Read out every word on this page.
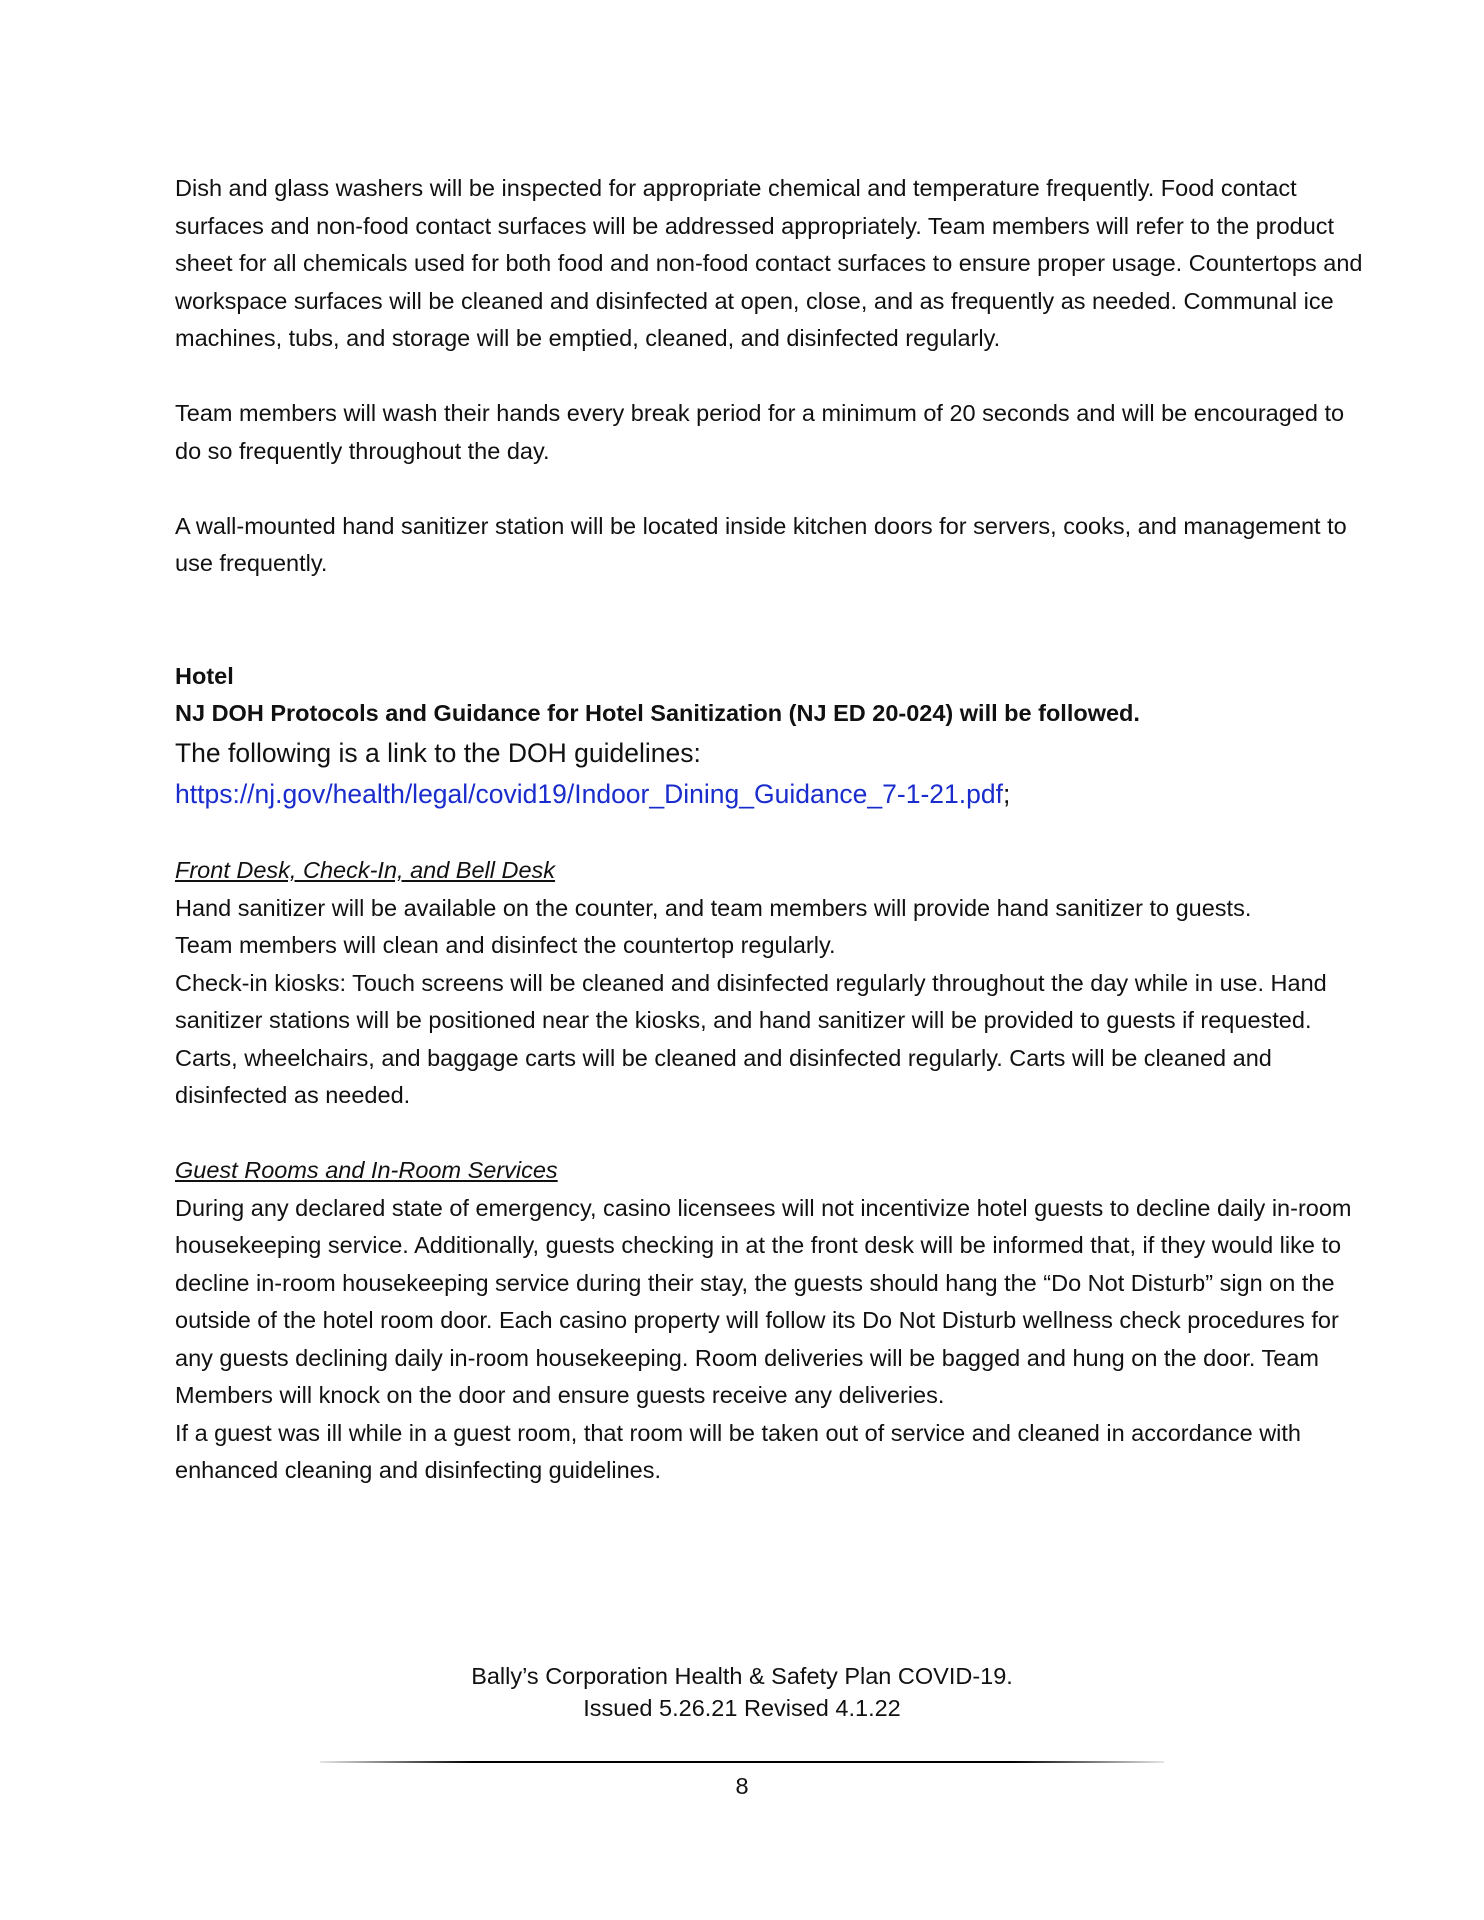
Dish and glass washers will be inspected for appropriate chemical and temperature frequently. Food contact surfaces and non-food contact surfaces will be addressed appropriately. Team members will refer to the product sheet for all chemicals used for both food and non-food contact surfaces to ensure proper usage. Countertops and workspace surfaces will be cleaned and disinfected at open, close, and as frequently as needed. Communal ice machines, tubs, and storage will be emptied, cleaned, and disinfected regularly.

Team members will wash their hands every break period for a minimum of 20 seconds and will be encouraged to do so frequently throughout the day.

A wall-mounted hand sanitizer station will be located inside kitchen doors for servers, cooks, and management to use frequently.

Hotel

NJ DOH Protocols and Guidance for Hotel Sanitization (NJ ED 20-024) will be followed.

The following is a link to the DOH guidelines:

https://nj.gov/health/legal/covid19/Indoor_Dining_Guidance_7-1-21.pdf;

Front Desk, Check-In, and Bell Desk

Hand sanitizer will be available on the counter, and team members will provide hand sanitizer to guests.

Team members will clean and disinfect the countertop regularly.

Check-in kiosks: Touch screens will be cleaned and disinfected regularly throughout the day while in use. Hand sanitizer stations will be positioned near the kiosks, and hand sanitizer will be provided to guests if requested.

Carts, wheelchairs, and baggage carts will be cleaned and disinfected regularly. Carts will be cleaned and disinfected as needed.

Guest Rooms and In-Room Services

During any declared state of emergency, casino licensees will not incentivize hotel guests to decline daily in-room housekeeping service. Additionally, guests checking in at the front desk will be informed that, if they would like to decline in-room housekeeping service during their stay, the guests should hang the “Do Not Disturb” sign on the outside of the hotel room door. Each casino property will follow its Do Not Disturb wellness check procedures for any guests declining daily in-room housekeeping. Room deliveries will be bagged and hung on the door. Team Members will knock on the door and ensure guests receive any deliveries.

If a guest was ill while in a guest room, that room will be taken out of service and cleaned in accordance with enhanced cleaning and disinfecting guidelines.

Bally’s Corporation Health & Safety Plan COVID-19.
Issued 5.26.21 Revised 4.1.22
8
